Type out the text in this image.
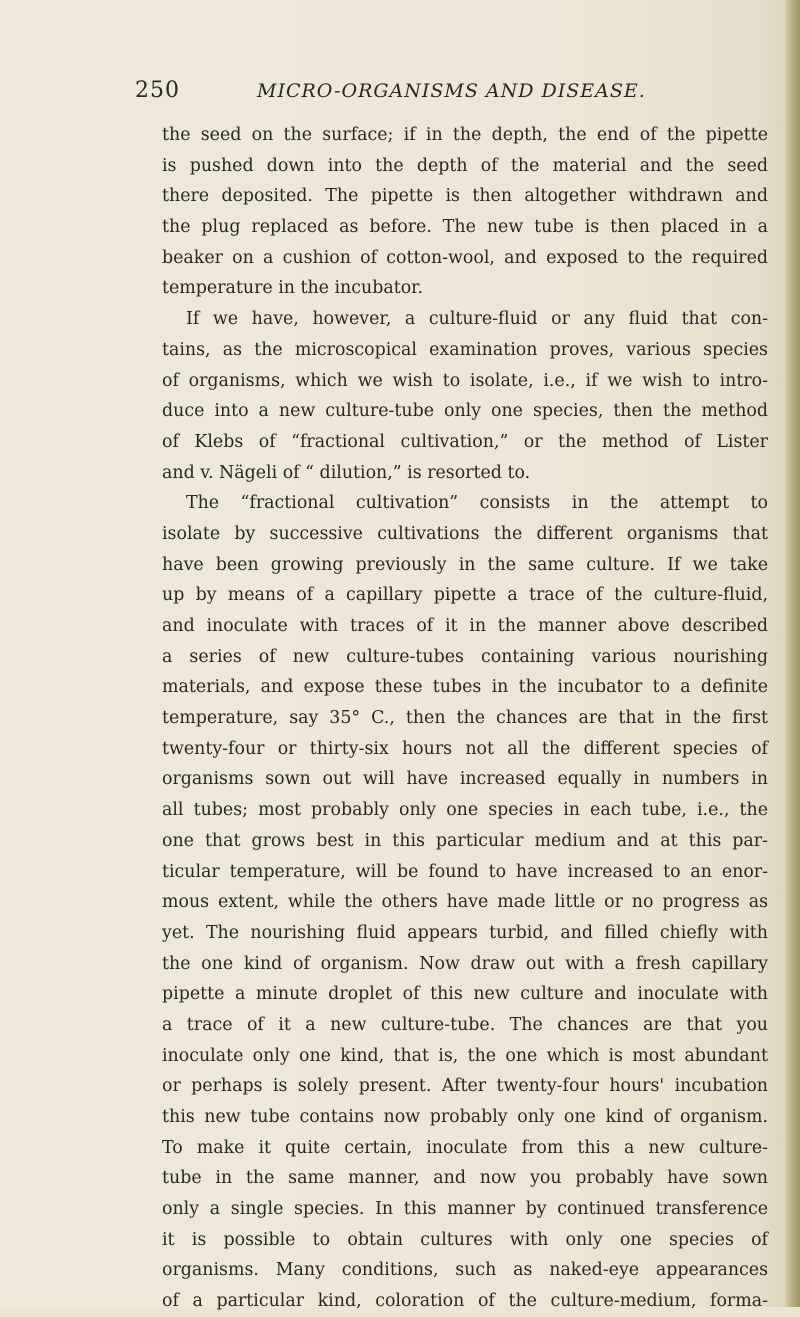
250	MICRO-ORGANISMS AND DISEASE.
the seed on the surface; if in the depth, the end of the pipette
is pushed down into the depth of the material and the seed
there deposited. The pipette is then altogether withdrawn and
the plug replaced as before. The new tube is then placed in a
beaker on a cushion of cotton-wool, and exposed to the required
temperature in the incubator.
If we have, however, a culture-fluid or any fluid that con-
tains, as the microscopical examination proves, various species
of organisms, which we wish to isolate, i.e., if we wish to intro-
duce into a new culture-tube only one species, then the method
of Klebs of “fractional cultivation,” or the method of Lister
and v. Nägeli of “ dilution,” is resorted to.
The “fractional cultivation” consists in the attempt to
isolate by successive cultivations the different organisms that
have been growing previously in the same culture. If we take
up by means of a capillary pipette a trace of the culture-fluid,
and inoculate with traces of it in the manner above described
a series of new culture-tubes containing various nourishing
materials, and expose these tubes in the incubator to a definite
temperature, say 35° C., then the chances are that in the first
twenty-four or thirty-six hours not all the different species of
organisms sown out will have increased equally in numbers in
all tubes; most probably only one species in each tube, i.e., the
one that grows best in this particular medium and at this par-
ticular temperature, will be found to have increased to an enor-
mous extent, while the others have made little or no progress as
yet. The nourishing fluid appears turbid, and filled chiefly with
the one kind of organism. Now draw out with a fresh capillary
pipette a minute droplet of this new culture and inoculate with
a trace of it a new culture-tube. The chances are that you
inoculate only one kind, that is, the one which is most abundant
or perhaps is solely present. After twenty-four hours' incubation
this new tube contains now probably only one kind of organism.
To make it quite certain, inoculate from this a new culture-
tube in the same manner, and now you probably have sown
only a single species. In this manner by continued transference
it is possible to obtain cultures with only one species of
organisms. Many conditions, such as naked-eye appearances
of a particular kind, coloration of the culture-medium, forma-
